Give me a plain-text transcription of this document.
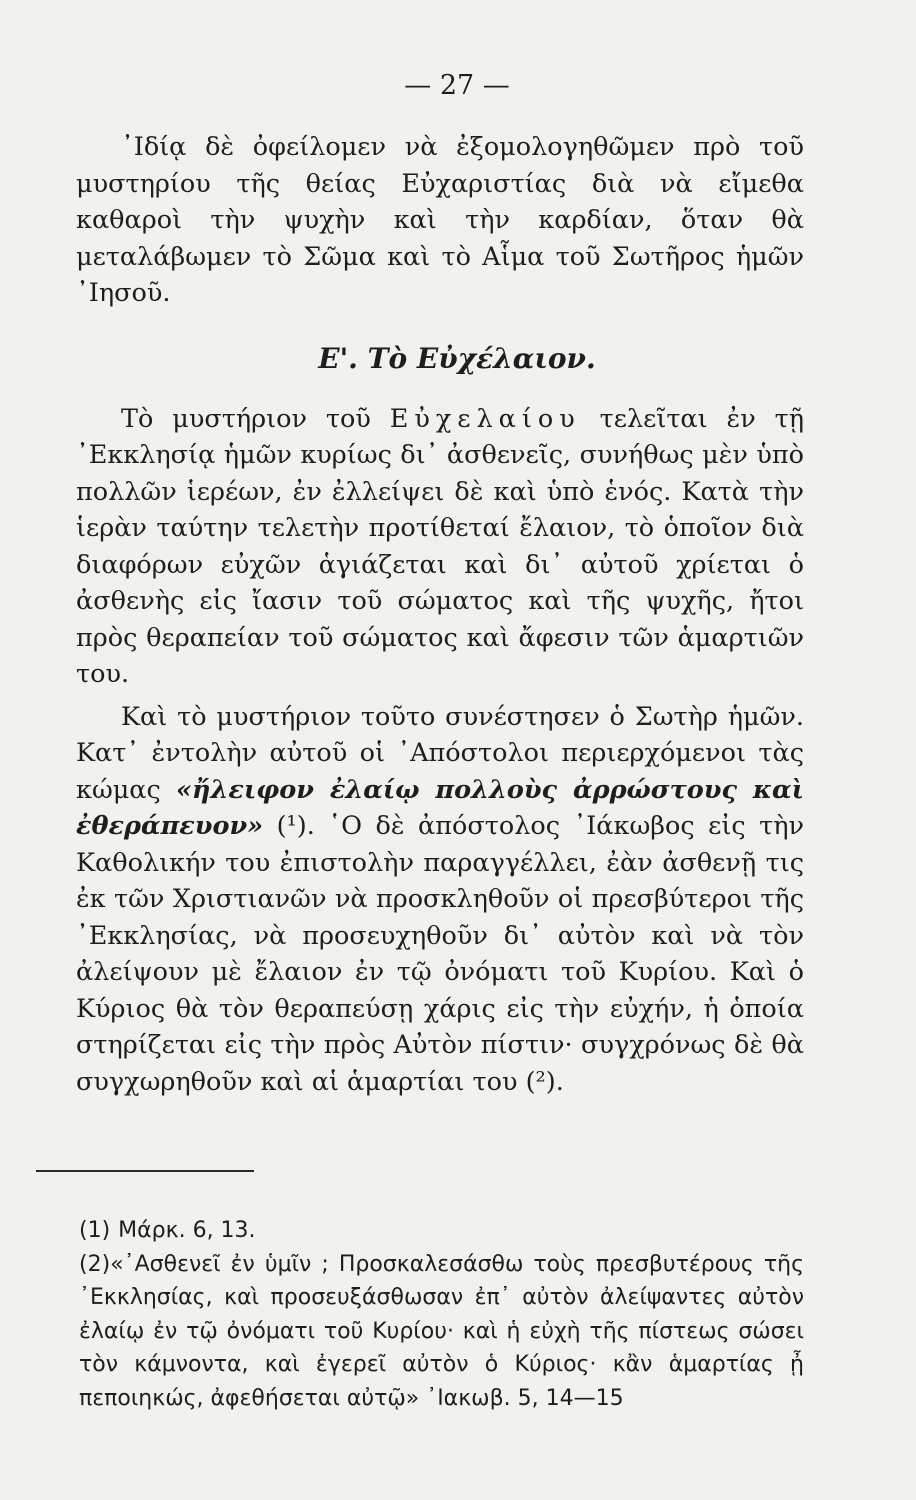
— 27 —

᾿Ιδίᾳ δὲ ὀφείλομεν νὰ ἐξομολογηθῶμεν πρὸ τοῦ μυστηρίου τῆς θείας Εὐχαριστίας διὰ νὰ εἴμεθα καθαροὶ τὴν ψυχὴν καὶ τὴν καρδίαν, ὅταν θὰ μεταλάβωμεν τὸ Σῶμα καὶ τὸ Αἷμα τοῦ Σωτῆρος ἡμῶν ᾿Ιησοῦ.

Ε'. Τὸ Εὐχέλαιον.

Τὸ μυστήριον τοῦ Εὐχελαίου τελεῖται ἐν τῇ ᾿Εκκλησίᾳ ἡμῶν κυρίως δι᾿ ἀσθενεῖς, συνήθως μὲν ὑπὸ πολλῶν ἱερέων, ἐν ἐλλείψει δὲ καὶ ὑπὸ ἑνός. Κατὰ τὴν ἱερὰν ταύτην τελετὴν προτίθεταί ἔλαιον, τὸ ὁποῖον διὰ διαφόρων εὐχῶν ἁγιάζεται καὶ δι᾿ αὐτοῦ χρίεται ὁ ἀσθενὴς εἰς ἴασιν τοῦ σώματος καὶ τῆς ψυχῆς, ἤτοι πρὸς θεραπείαν τοῦ σώματος καὶ ἄφεσιν τῶν ἁμαρτιῶν του.

Καὶ τὸ μυστήριον τοῦτο συνέστησεν ὁ Σωτὴρ ἡμῶν. Κατ᾿ ἐντολὴν αὐτοῦ οἱ ᾿Απόστολοι περιερχόμενοι τὰς κώμας «ἤλειφον ἐλαίῳ πολλοὺς ἀρρώστους καὶ ἐθεράπευον» (¹). ῾Ο δὲ ἀπόστολος ᾿Ιάκωβος εἰς τὴν Καθολικήν του ἐπιστολὴν παραγγέλλει, ἐὰν ἀσθενῇ τις ἐκ τῶν Χριστιανῶν νὰ προσκληθοῦν οἱ πρεσβύτεροι τῆς ᾿Εκκλησίας, νὰ προσευχηθοῦν δι᾿ αὐτὸν καὶ νὰ τὸν ἀλείψουν μὲ ἔλαιον ἐν τῷ ὀνόματι τοῦ Κυρίου. Καὶ ὁ Κύριος θὰ τὸν θεραπεύσῃ χάρις εἰς τὴν εὐχήν, ἡ ὁποία στηρίζεται εἰς τὴν πρὸς Αὐτὸν πίστιν· συγχρόνως δὲ θὰ συγχωρηθοῦν καὶ αἱ ἁμαρτίαι του (²).

(1) Μάρκ. 6, 13.

(2)«᾿Ασθενεῖ ἐν ὑμῖν ; Προσκαλεσάσθω τοὺς πρεσβυτέρους τῆς ᾿Εκκλησίας, καὶ προσευξάσθωσαν ἐπ᾿ αὐτὸν ἀλείψαντες αὐτὸν ἐλαίῳ ἐν τῷ ὀνόματι τοῦ Κυρίου· καὶ ἡ εὐχὴ τῆς πίστεως σώσει τὸν κάμνοντα, καὶ ἐγερεῖ αὐτὸν ὁ Κύριος· κἂν ἁμαρτίας ᾖ πεποιηκώς, ἀφεθήσεται αὐτῷ» ᾿Ιακωβ. 5, 14—15
